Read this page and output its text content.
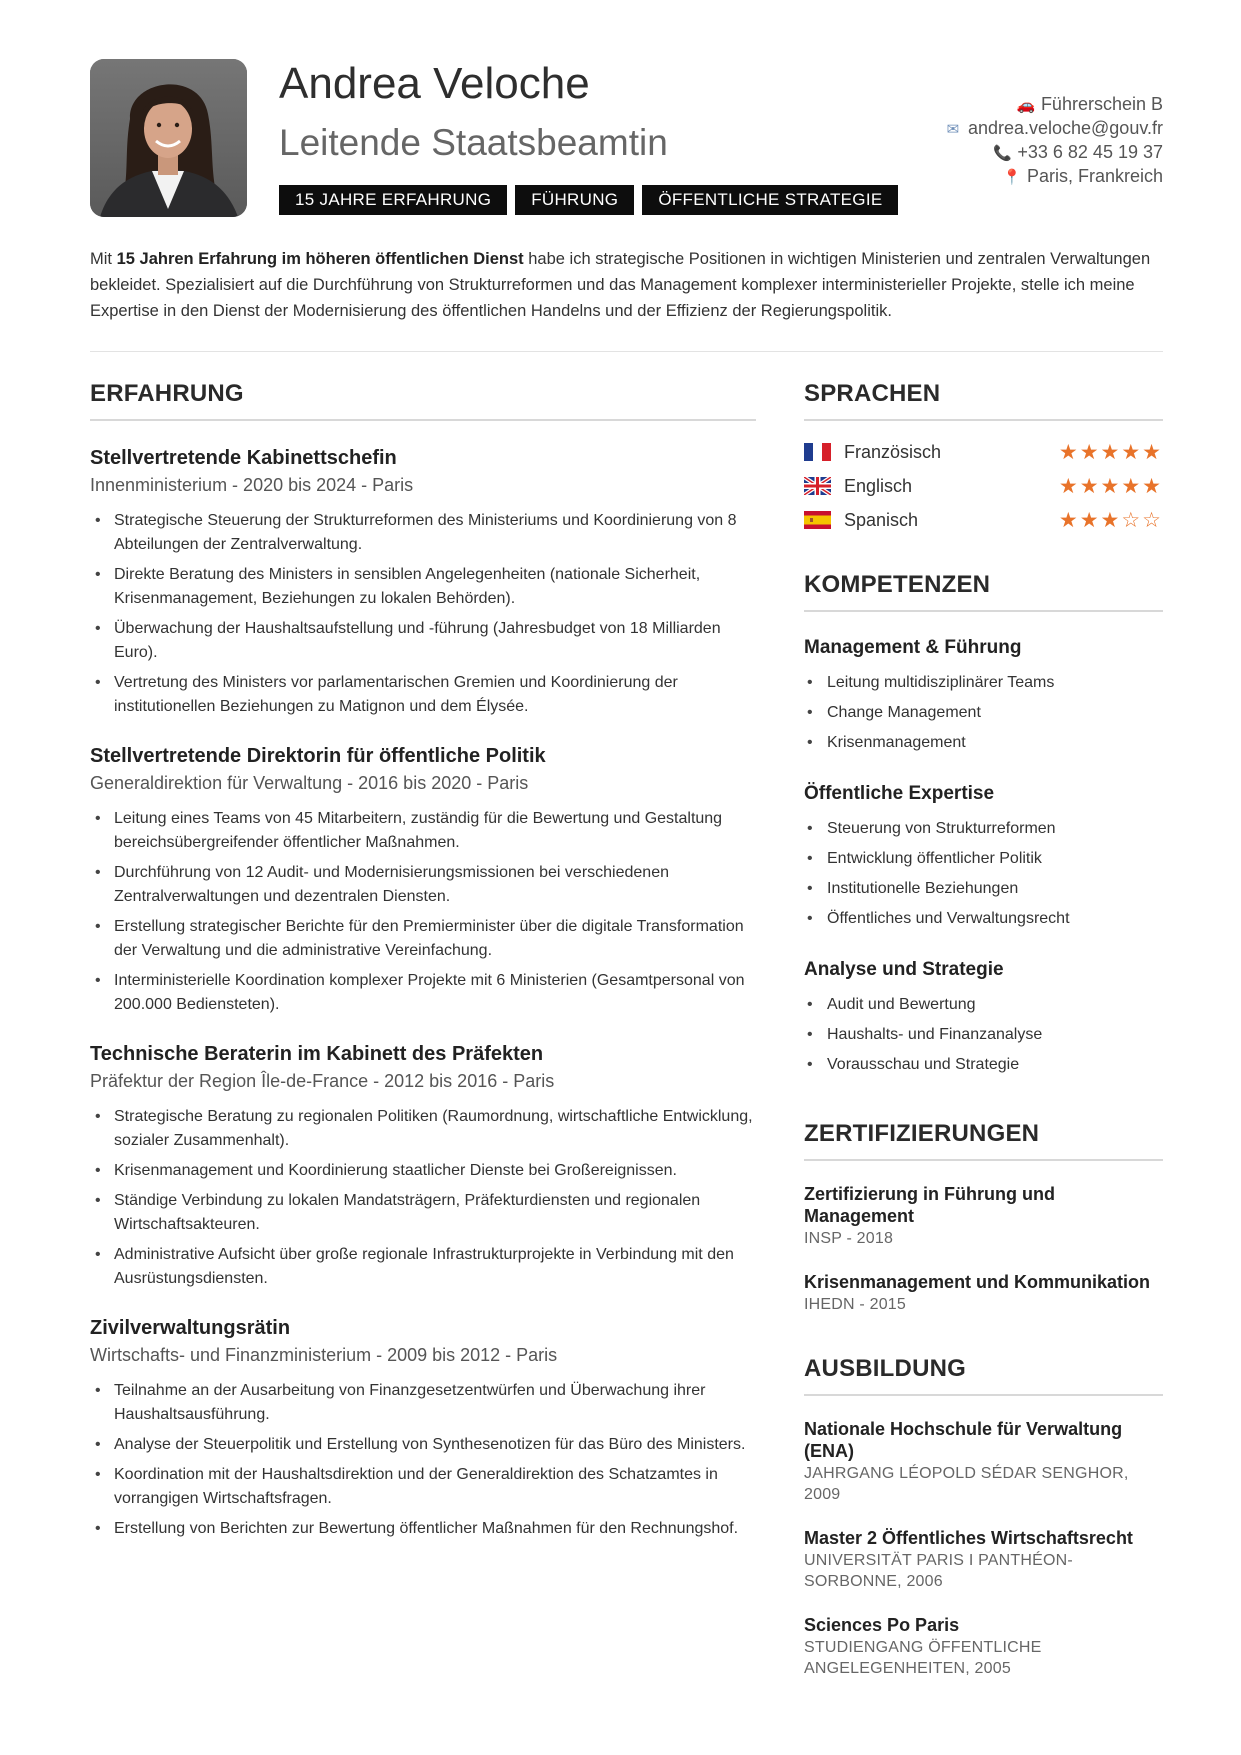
Andrea Veloche
Leitende Staatsbeamtin
15 JAHRE ERFAHRUNG	FÜHRUNG	ÖFFENTLICHE STRATEGIE
🚗 Führerschein B
✉ andrea.veloche@gouv.fr
📞 +33 6 82 45 19 37
📍 Paris, Frankreich

Mit 15 Jahren Erfahrung im höheren öffentlichen Dienst habe ich strategische Positionen in wichtigen Ministerien und zentralen Verwaltungen bekleidet. Spezialisiert auf die Durchführung von Strukturreformen und das Management komplexer interministerieller Projekte, stelle ich meine Expertise in den Dienst der Modernisierung des öffentlichen Handelns und der Effizienz der Regierungspolitik.

ERFAHRUNG

Stellvertretende Kabinettschefin

Innenministerium - 2020 bis 2024 - Paris

• Strategische Steuerung der Strukturreformen des Ministeriums und Koordinierung von 8 Abteilungen der Zentralverwaltung.
• Direkte Beratung des Ministers in sensiblen Angelegenheiten (nationale Sicherheit, Krisenmanagement, Beziehungen zu lokalen Behörden).
• Überwachung der Haushaltsaufstellung und -führung (Jahresbudget von 18 Milliarden Euro).
• Vertretung des Ministers vor parlamentarischen Gremien und Koordinierung der institutionellen Beziehungen zu Matignon und dem Élysée.

Stellvertretende Direktorin für öffentliche Politik

Generaldirektion für Verwaltung - 2016 bis 2020 - Paris

• Leitung eines Teams von 45 Mitarbeitern, zuständig für die Bewertung und Gestaltung bereichsübergreifender öffentlicher Maßnahmen.
• Durchführung von 12 Audit- und Modernisierungsmissionen bei verschiedenen Zentralverwaltungen und dezentralen Diensten.
• Erstellung strategischer Berichte für den Premierminister über die digitale Transformation der Verwaltung und die administrative Vereinfachung.
• Interministerielle Koordination komplexer Projekte mit 6 Ministerien (Gesamtpersonal von 200.000 Bediensteten).

Technische Beraterin im Kabinett des Präfekten

Präfektur der Region Île-de-France - 2012 bis 2016 - Paris

• Strategische Beratung zu regionalen Politiken (Raumordnung, wirtschaftliche Entwicklung, sozialer Zusammenhalt).
• Krisenmanagement und Koordinierung staatlicher Dienste bei Großereignissen.
• Ständige Verbindung zu lokalen Mandatsträgern, Präfekturdiensten und regionalen Wirtschaftsakteuren.
• Administrative Aufsicht über große regionale Infrastrukturprojekte in Verbindung mit den Ausrüstungsdiensten.

Zivilverwaltungsrätin

Wirtschafts- und Finanzministerium - 2009 bis 2012 - Paris

• Teilnahme an der Ausarbeitung von Finanzgesetzentwürfen und Überwachung ihrer Haushaltsausführung.
• Analyse der Steuerpolitik und Erstellung von Synthesenotizen für das Büro des Ministers.
• Koordination mit der Haushaltsdirektion und der Generaldirektion des Schatzamtes in vorrangigen Wirtschaftsfragen.
• Erstellung von Berichten zur Bewertung öffentlicher Maßnahmen für den Rechnungshof.
SPRACHEN
Französisch	★★★★★
Englisch	★★★★★
Spanisch	★★★☆☆
KOMPETENZEN

Management & Führung

• Leitung multidisziplinärer Teams
• Change Management
• Krisenmanagement

Öffentliche Expertise

• Steuerung von Strukturreformen
• Entwicklung öffentlicher Politik
• Institutionelle Beziehungen
• Öffentliches und Verwaltungsrecht

Analyse und Strategie

• Audit und Bewertung
• Haushalts- und Finanzanalyse
• Vorausschau und Strategie
ZERTIFIZIERUNGEN

Zertifizierung in Führung und Management

INSP - 2018

Krisenmanagement und Kommunikation

IHEDN - 2015

AUSBILDUNG

Nationale Hochschule für Verwaltung (ENA)

JAHRGANG LÉOPOLD SÉDAR SENGHOR, 2009

Master 2 Öffentliches Wirtschaftsrecht

UNIVERSITÄT PARIS I PANTHÉON-SORBONNE, 2006

Sciences Po Paris

STUDIENGANG ÖFFENTLICHE ANGELEGENHEITEN, 2005
